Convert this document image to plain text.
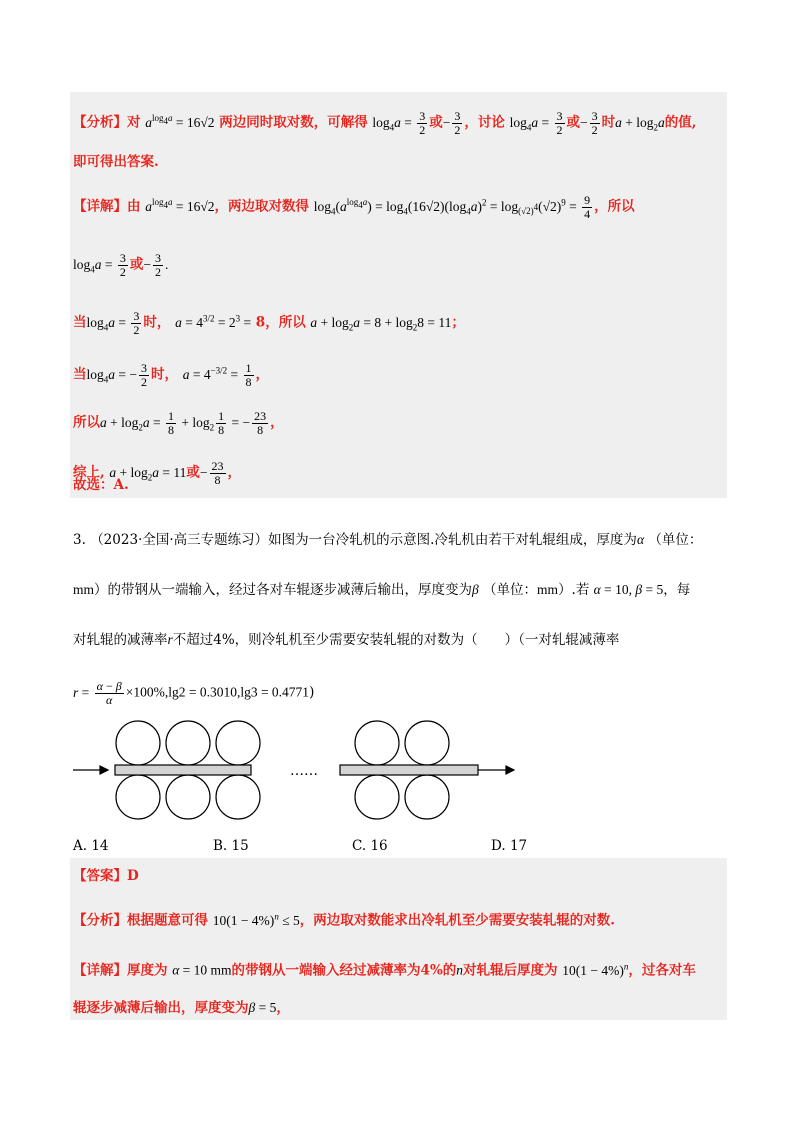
【分析】对 $a^{log_4a} = 16√2$ 两边同时取对数，可解得 $\log_4a = \frac{3}{2}$ 或− $\frac{3}{2}$ ，讨论 $\log_4a = \frac{3}{2}$ 或− $\frac{3}{2}$ 时$a + \log_2a$的值,
即可得出答案.
【详解】由 $a^{log_4a} = 16√2$，两边取对数得 $\log_4(a^{log_4a}) = \log_4(16√2)(\log_4a)^2 = \log_{(√2)^4}(√2)^9 = \frac{9}{4}$ ，所以
$\log_4a = \frac{3}{2}$ 或− $\frac{3}{2}$ .
当$\log_4a = \frac{3}{2}$ 时， $a = 4^{3/2} = 2^3 = 8$，所以 $a + \log_2a = 8 + \log_28 = 11$；
当$\log_4a$ = − $\frac{3}{2}$ 时， $a = 4^{-3/2} = \frac{1}{8}$ ，
所以$a + \log_2a = \frac{1}{8} + \log_2 \frac{1}{8}$ = − $\frac{23}{8}$ ，
综上, $a + \log_2a = 11$或− $\frac{23}{8}$ ，
故选：A.
3. （2023·全国·高三专题练习）如图为一台冷轧机的示意图.冷轧机由若干对轧辊组成，厚度为α （单位：
mm）的带钢从一端输入，经过各对车辊逐步减薄后输出，厚度变为β （单位：mm）.若 α = 10, β = 5，每
对轧辊的减薄率r不超过4%，则冷轧机至少需要安装轧辊的对数为（　　）（一对轧辊减薄率
$r = \frac{\alpha - \beta}{\alpha} \times 100\%,\lg 2 = 0.3010,\lg 3 = 0.4771$)
……
A. 14	B. 15	C. 16	D. 17
【答案】D
【分析】根据题意可得 $10(1 - 4\%)^n \le 5$，两边取对数能求出冷轧机至少需要安装轧辊的对数.
【详解】厚度为 α = 10 mm的带钢从一端输入经过减薄率为4%的n对轧辊后厚度为 $10(1 - 4\%)^n$，过各对车
辊逐步减薄后输出，厚度变为β = 5，
